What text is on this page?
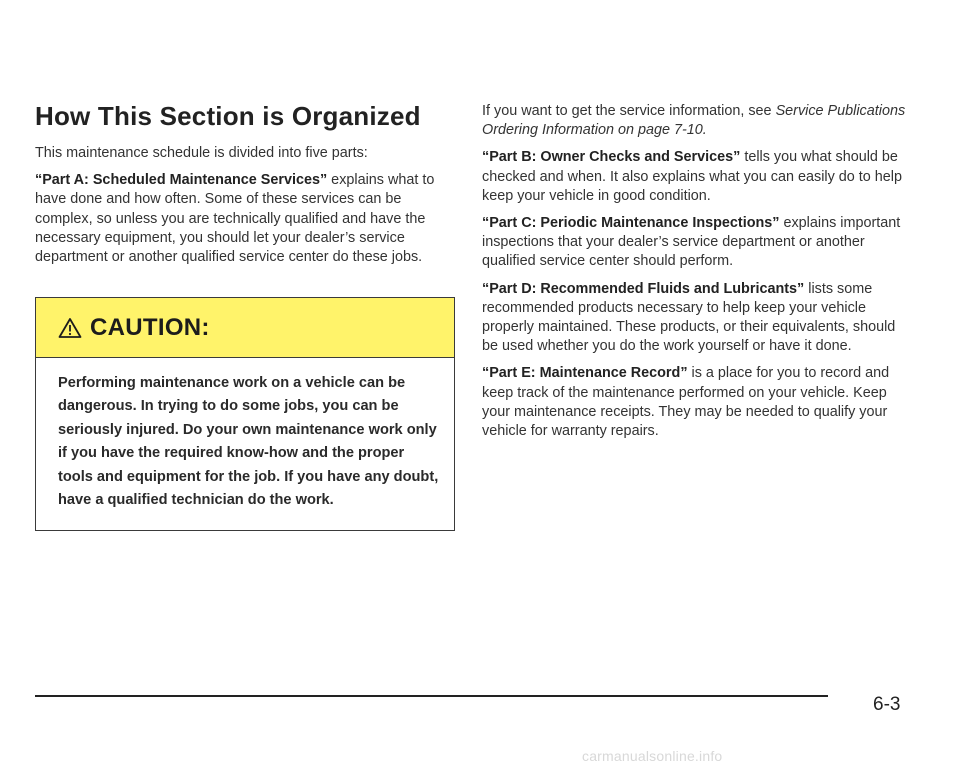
How This Section is Organized

This maintenance schedule is divided into five parts:

“Part A: Scheduled Maintenance Services” explains what to have done and how often. Some of these services can be complex, so unless you are technically qualified and have the necessary equipment, you should let your dealer’s service department or another qualified service center do these jobs.

CAUTION:

Performing maintenance work on a vehicle can be dangerous. In trying to do some jobs, you can be seriously injured. Do your own maintenance work only if you have the required know-how and the proper tools and equipment for the job. If you have any doubt, have a qualified technician do the work.

If you want to get the service information, see Service Publications Ordering Information on page 7-10.

“Part B: Owner Checks and Services” tells you what should be checked and when. It also explains what you can easily do to help keep your vehicle in good condition.

“Part C: Periodic Maintenance Inspections” explains important inspections that your dealer’s service department or another qualified service center should perform.

“Part D: Recommended Fluids and Lubricants” lists some recommended products necessary to help keep your vehicle properly maintained. These products, or their equivalents, should be used whether you do the work yourself or have it done.

“Part E: Maintenance Record” is a place for you to record and keep track of the maintenance performed on your vehicle. Keep your maintenance receipts. They may be needed to qualify your vehicle for warranty repairs.

6-3
carmanualsonline.info
